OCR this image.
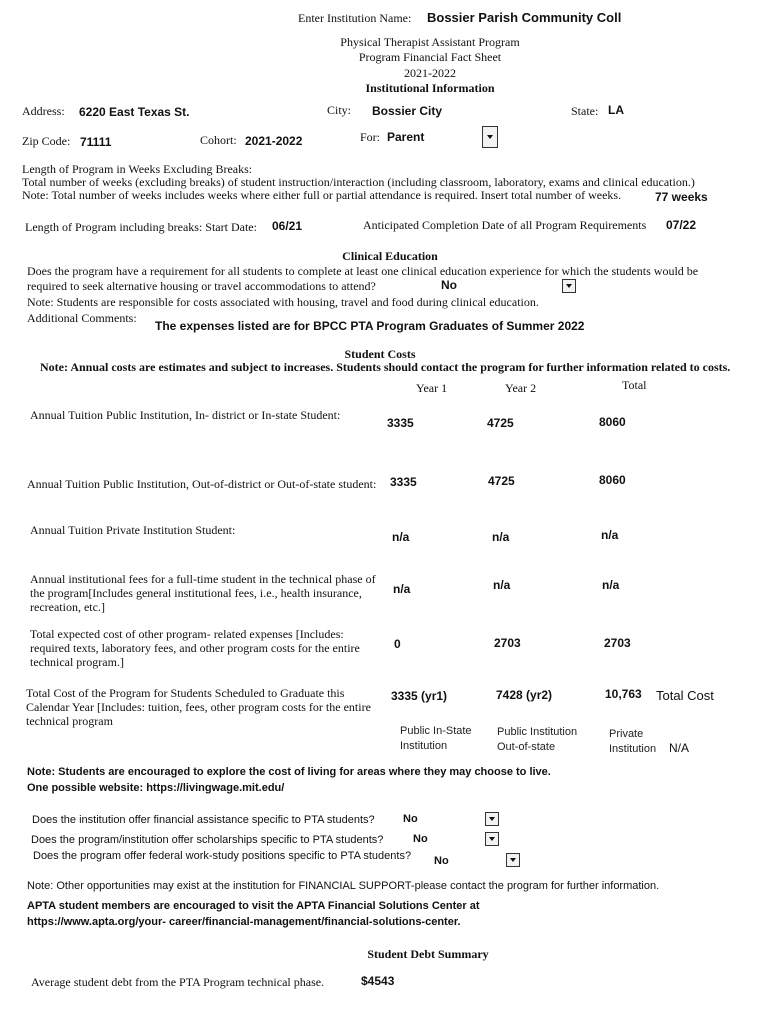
Enter Institution Name: Bossier Parish Community Coll
Physical Therapist Assistant Program
Program Financial Fact Sheet
2021-2022
Institutional Information
Address: 6220 East Texas St.	City: Bossier City	State: LA
Zip Code: 71111	Cohort: 2021-2022	For: Parent
Length of Program in Weeks Excluding Breaks:
Total number of weeks (excluding breaks) of student instruction/interaction (including classroom, laboratory, exams and clinical education.)
Note: Total number of weeks includes weeks where either full or partial attendance is required. Insert total number of weeks.	77 weeks
Length of Program including breaks: Start Date: 06/21	Anticipated Completion Date of all Program Requirements 07/22
Clinical Education
Does the program have a requirement for all students to complete at least one clinical education experience for which the students would be
required to seek alternative housing or travel accommodations to attend?	No
Note: Students are responsible for costs associated with housing, travel and food during clinical education.
Additional Comments:
The expenses listed are for BPCC PTA Program Graduates of Summer 2022
Student Costs
Note: Annual costs are estimates and subject to increases. Students should contact the program for further information related to costs.
Year 1	Year 2	Total
Annual Tuition Public Institution, In- district or In-state Student:
3335	4725	8060
Annual Tuition Public Institution, Out-of-district or Out-of-state student: 3335	4725	8060
Annual Tuition Private Institution Student:	n/a	n/a	n/a
Annual institutional fees for a full-time student in the technical phase of the program[Includes general institutional fees, i.e., health insurance, recreation, etc.]
n/a	n/a	n/a
Total expected cost of other program- related expenses [Includes: required texts, laboratory fees, and other program costs for the entire technical program.]
0	2703	2703
Total Cost of the Program for Students Scheduled to Graduate this Calendar Year [Includes: tuition, fees, other program costs for the entire technical program
3335 (yr1)	7428 (yr2)	10,763 Total Cost
Public In-State Institution
Public Institution Out-of-state
Private Institution	N/A
Note: Students are encouraged to explore the cost of living for areas where they may choose to live.
One possible website: https://livingwage.mit.edu/
Does the institution offer financial assistance specific to PTA students?	No
Does the program/institution offer scholarships specific to PTA students?	No
Does the program offer federal work-study positions specific to PTA students? No
Note: Other opportunities may exist at the institution for FINANCIAL SUPPORT-please contact the program for further information.
APTA student members are encouraged to visit the APTA Financial Solutions Center at
https://www.apta.org/your- career/financial-management/financial-solutions-center.
Student Debt Summary
Average student debt from the PTA Program technical phase.	$4543
